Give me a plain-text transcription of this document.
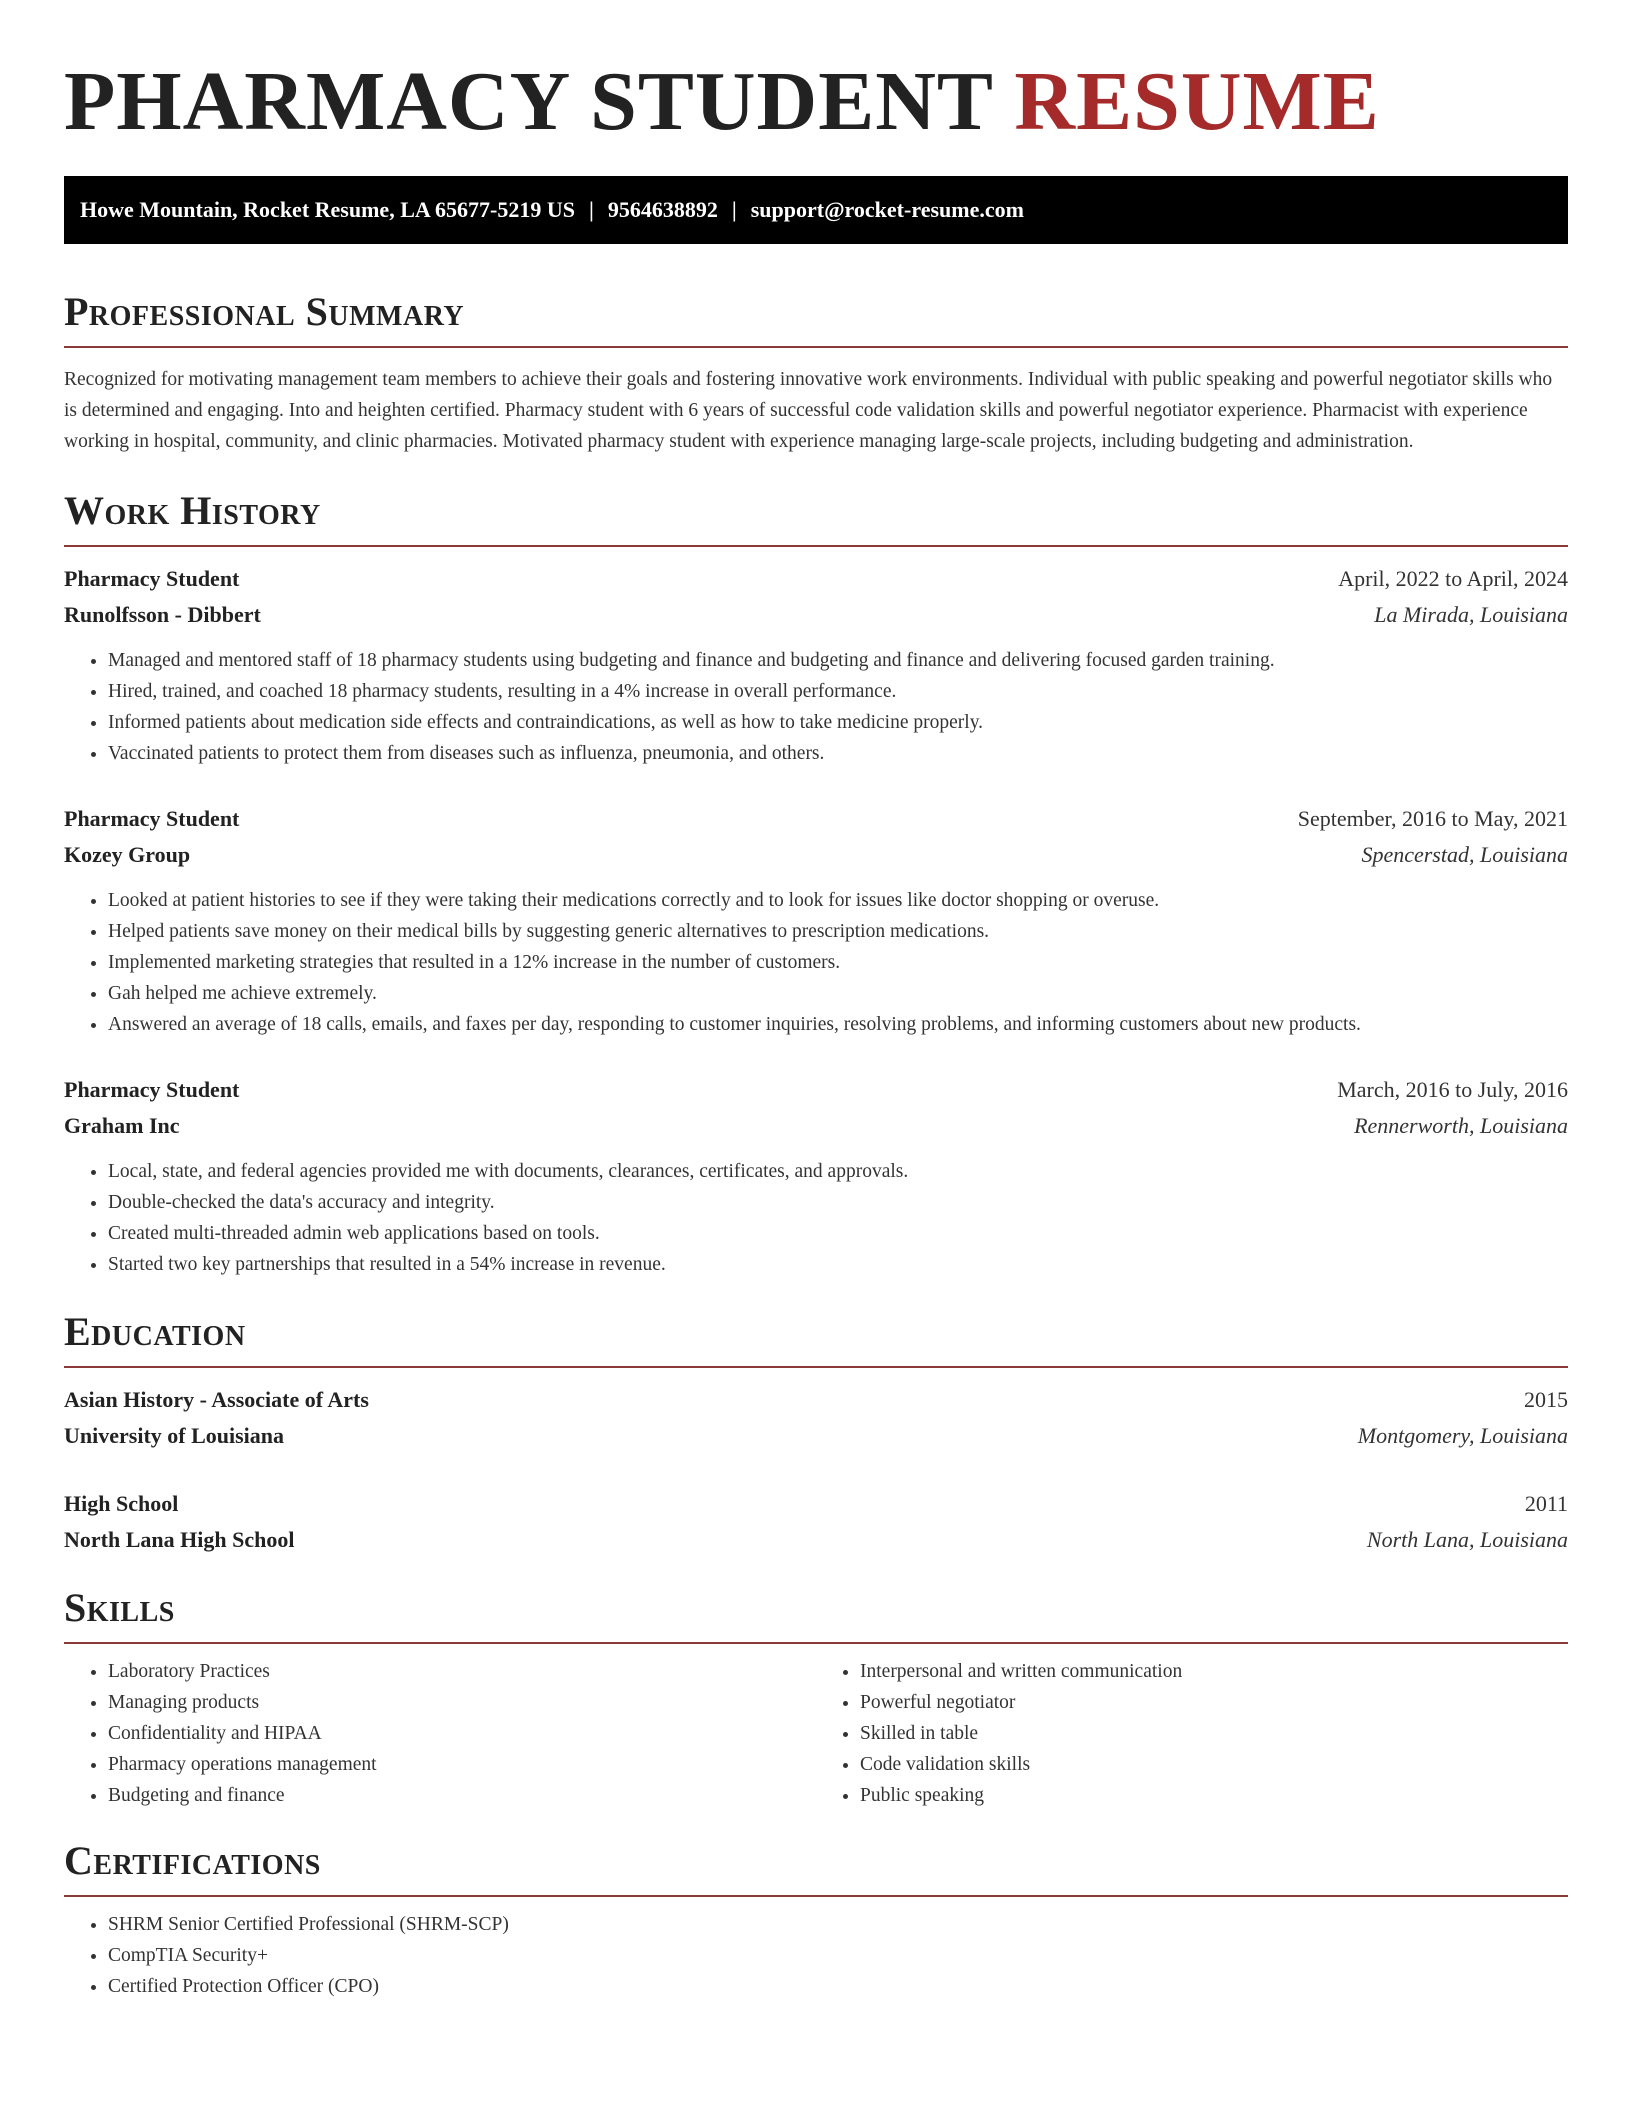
PHARMACY STUDENT RESUME
Howe Mountain, Rocket Resume, LA 65677-5219 US | 9564638892 | support@rocket-resume.com
Professional Summary

Recognized for motivating management team members to achieve their goals and fostering innovative work environments. Individual with public speaking and powerful negotiator skills who is determined and engaging. Into and heighten certified. Pharmacy student with 6 years of successful code validation skills and powerful negotiator experience. Pharmacist with experience working in hospital, community, and clinic pharmacies. Motivated pharmacy student with experience managing large-scale projects, including budgeting and administration.

Work History
Pharmacy Student	April, 2022 to April, 2024
Runolfsson - Dibbert	La Mirada, Louisiana
• Managed and mentored staff of 18 pharmacy students using budgeting and finance and budgeting and finance and delivering focused garden training.
• Hired, trained, and coached 18 pharmacy students, resulting in a 4% increase in overall performance.
• Informed patients about medication side effects and contraindications, as well as how to take medicine properly.
• Vaccinated patients to protect them from diseases such as influenza, pneumonia, and others.
Pharmacy Student	September, 2016 to May, 2021
Kozey Group	Spencerstad, Louisiana
• Looked at patient histories to see if they were taking their medications correctly and to look for issues like doctor shopping or overuse.
• Helped patients save money on their medical bills by suggesting generic alternatives to prescription medications.
• Implemented marketing strategies that resulted in a 12% increase in the number of customers.
• Gah helped me achieve extremely.
• Answered an average of 18 calls, emails, and faxes per day, responding to customer inquiries, resolving problems, and informing customers about new products.
Pharmacy Student	March, 2016 to July, 2016
Graham Inc	Rennerworth, Louisiana
• Local, state, and federal agencies provided me with documents, clearances, certificates, and approvals.
• Double-checked the data's accuracy and integrity.
• Created multi-threaded admin web applications based on tools.
• Started two key partnerships that resulted in a 54% increase in revenue.
Education
Asian History - Associate of Arts	2015
University of Louisiana	Montgomery, Louisiana
High School	2011
North Lana High School	North Lana, Louisiana
Skills
• Laboratory Practices
• Managing products
• Confidentiality and HIPAA
• Pharmacy operations management
• Budgeting and finance
• Interpersonal and written communication
• Powerful negotiator
• Skilled in table
• Code validation skills
• Public speaking
Certifications
• SHRM Senior Certified Professional (SHRM-SCP)
• CompTIA Security+
• Certified Protection Officer (CPO)
